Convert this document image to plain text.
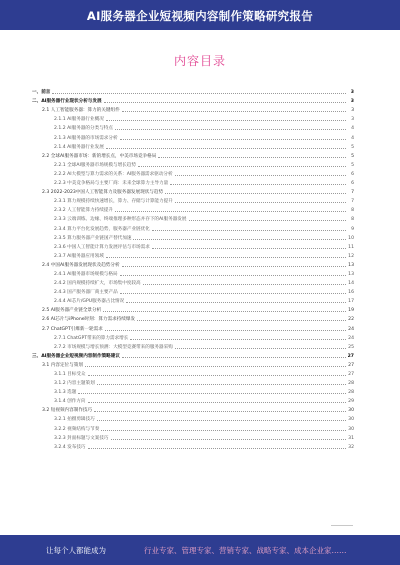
AI服务器企业短视频内容制作策略研究报告
内容目录
一、前言	3
二、AI服务器行业现状分析与发展	3
2.1 人工智能服务器：算力的关键组件	3
2.1.1 AI服务器行业概况	3
2.1.2 AI服务器的分类与特点	4
2.1.3 AI服务器的市场需求分析	4
2.1.4 AI服务器行业发展	5
2.2 全球AI服务器市场：新的增长点，中美市场竞争格局	5
2.2.1 全球AI服务器市场规模与增长趋势	5
2.2.2 AI大模型与算力需求的关系：AI服务器需求驱动分析	6
2.2.3 中美竞争格局与主要厂商：未来全球算力主导力量	6
2.3 2022-2023中国人工智能算力及服务器发展现状与趋势	7
2.3.1 算力规模持续快速增长，算力、存储与计算能力提升	7
2.3.2 人工智能算力持续提升	8
2.3.3 云端训练、边缘、终端推理多种形态并存下的AI服务器发展	8
2.3.4 算力平台化发展趋势，服务器产业链优化	9
2.3.5 算力服务器产业链国产替代加速	10
2.3.6 中国人工智能计算力发展评估与市场需求	11
2.3.7 AI服务器应用领域	12
2.4 中国AI服务器发展现状及趋势分析	13
2.4.1 AI服务器市场规模与格局	13
2.4.2 国内规模持续扩大，市场集中度较高	14
2.4.3 国产服务器厂商主要产品	16
2.4.4 AI芯片/GPU服务器占比情况	17
2.5 AI服务器产业链全景分析	19
2.6 AI芯片与iPhone时刻：算力需求持续爆发	22
2.7 ChatGPT引爆新一轮需求	24
2.7.1 ChatGPT带来的算力需求增长	24
2.7.2 市场规模与增长预测：大模型竞赛带来的服务器采购	25
三、AI服务器企业短视频内容制作策略建议	27
3.1 内容定位与策划	27
3.1.1 目标受众	27
3.1.2 内容主题策划	28
3.1.3 选题	28
3.1.4 创作方向	29
3.2 短视频内容制作技巧	30
3.2.1 拍摄剪辑技巧	30
3.2.2 视频结构与节奏	30
3.2.3 封面标题与文案技巧	31
3.2.4 发布技巧	32
让每个人都能成为	行业专家、管理专家、营销专家、战略专家、成本企业家……
